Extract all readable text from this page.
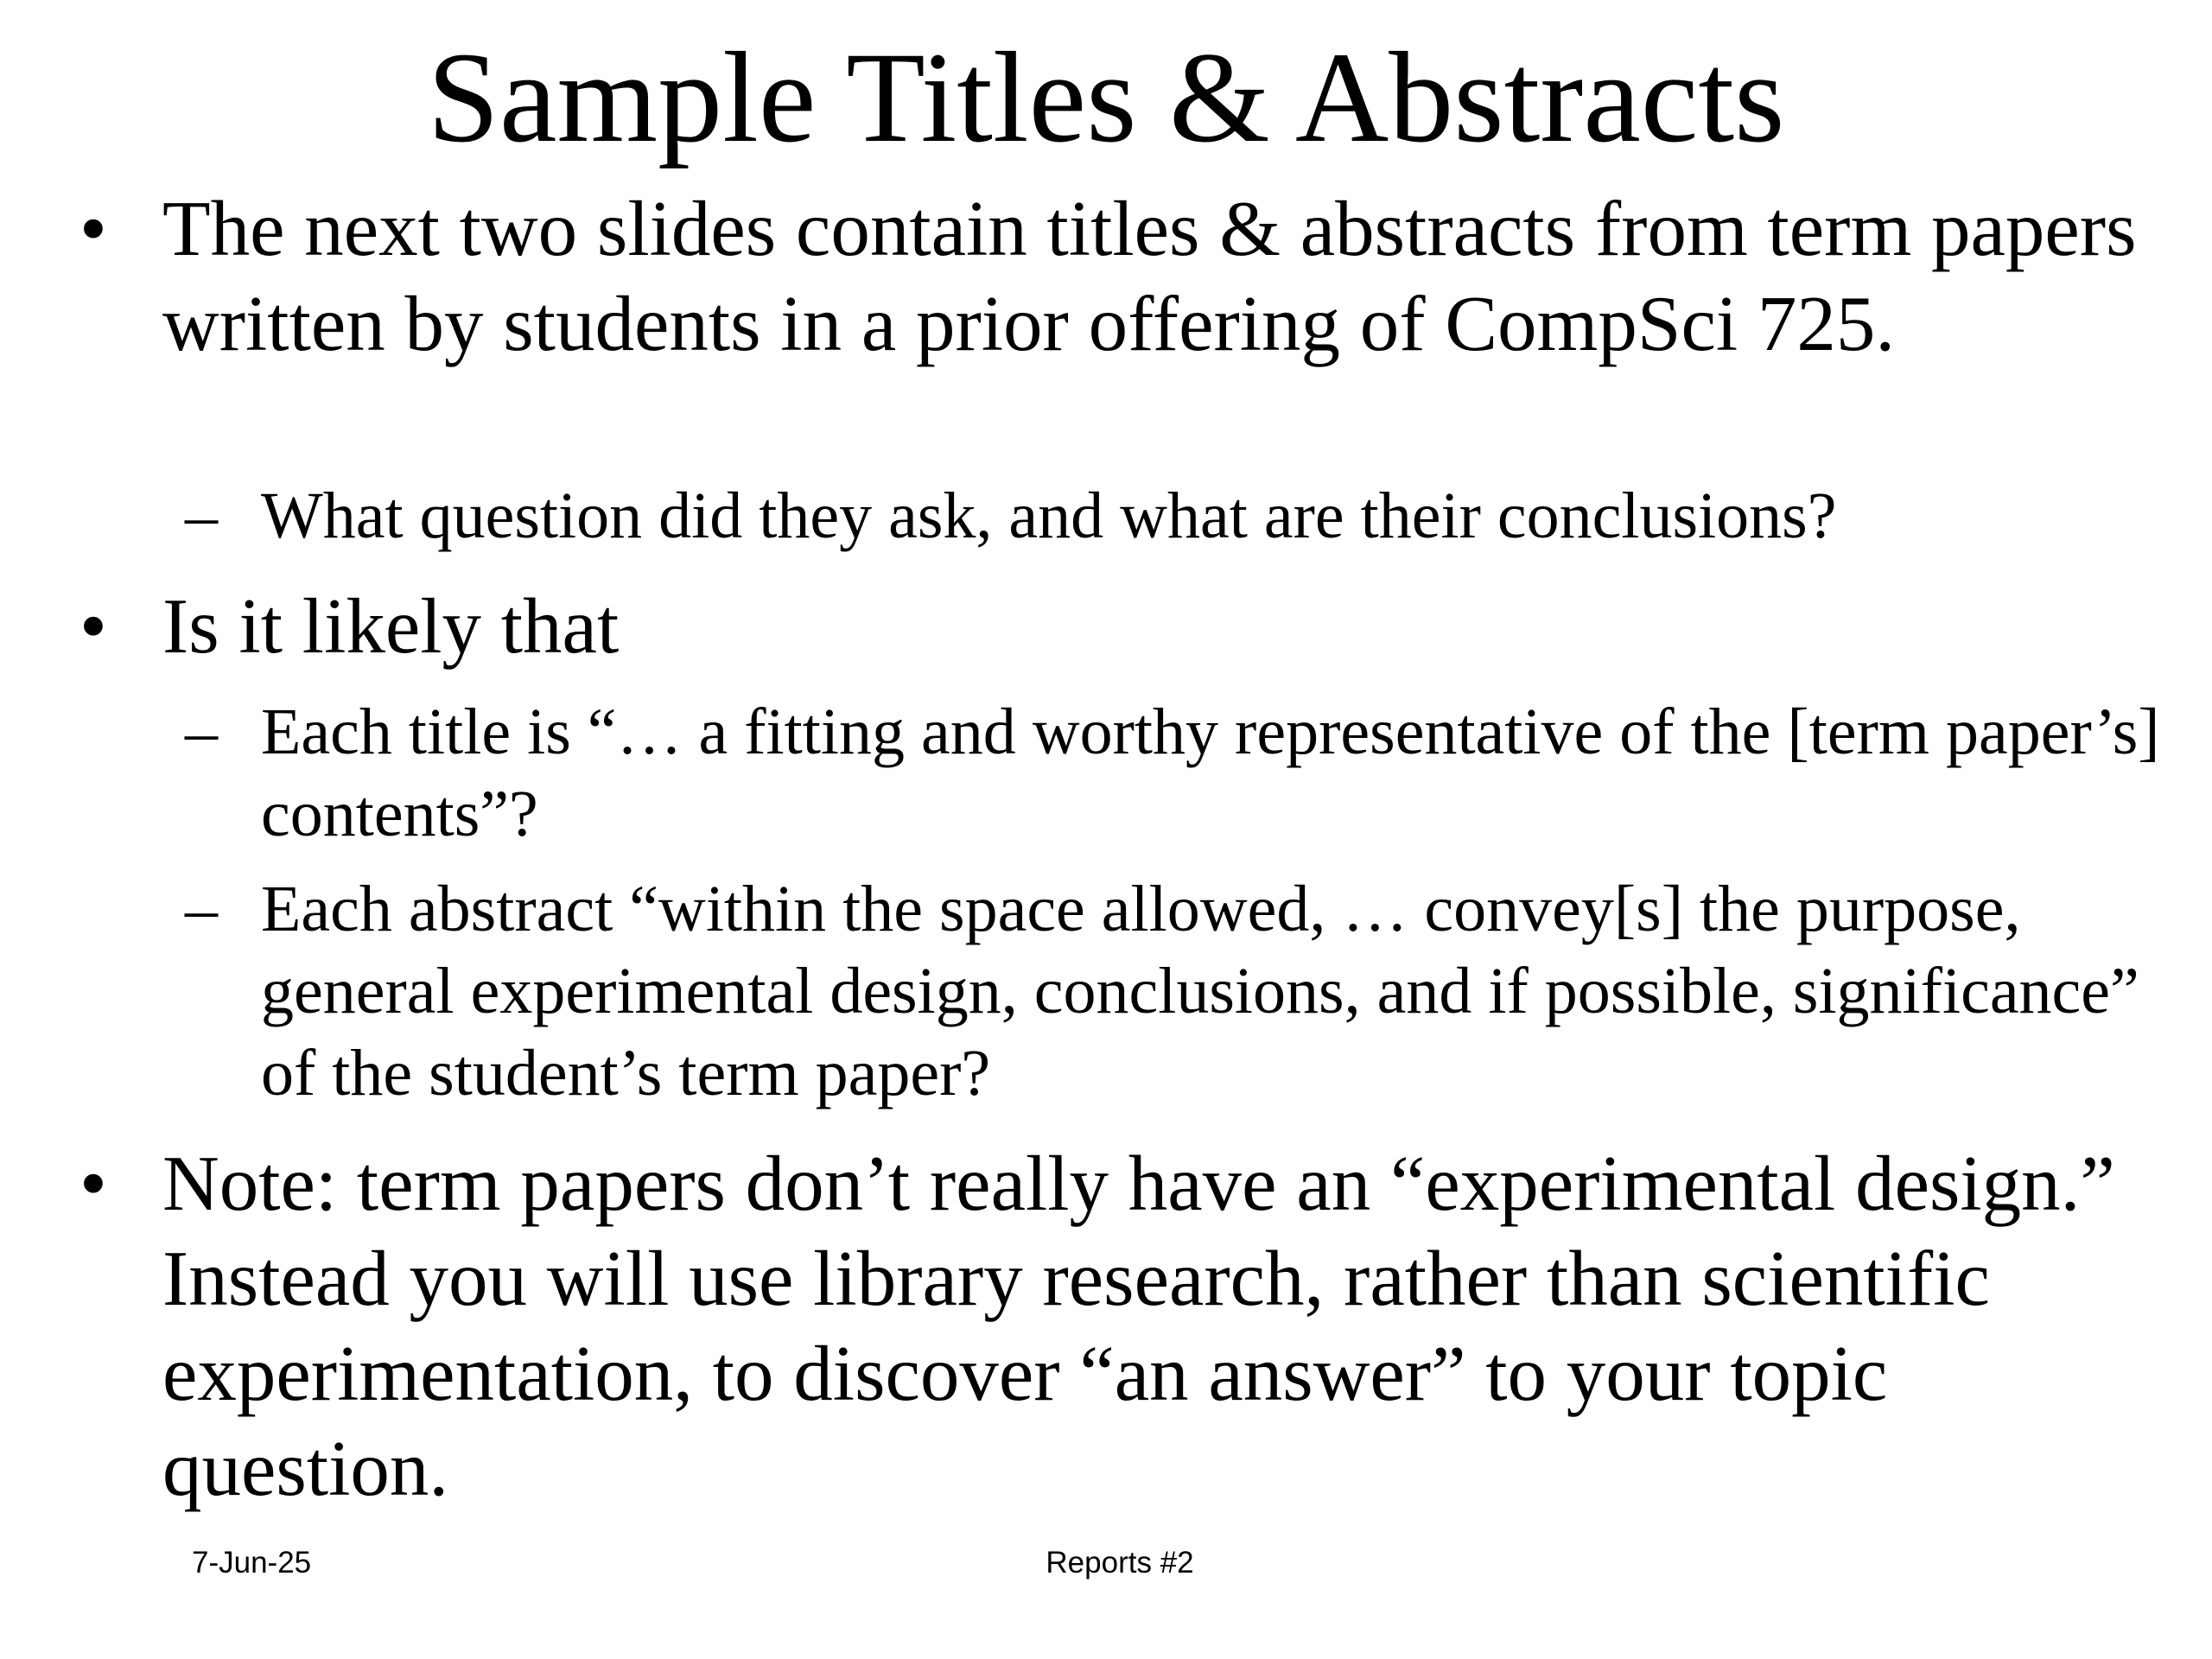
Sample Titles & Abstracts
• The next two slides contain titles & abstracts from term papers written by students in a prior offering of CompSci 725.
– What question did they ask, and what are their conclusions?
• Is it likely that
– Each title is “… a fitting and worthy representative of the [term paper’s] contents”?
– Each abstract “within the space allowed, … convey[s] the purpose, general experimental design, conclusions, and if possible, significance” of the student’s term paper?
• Note: term papers don’t really have an “experimental design.” Instead you will use library research, rather than scientific experimentation, to discover “an answer” to your topic question.
7-Jun-25	Reports #2
